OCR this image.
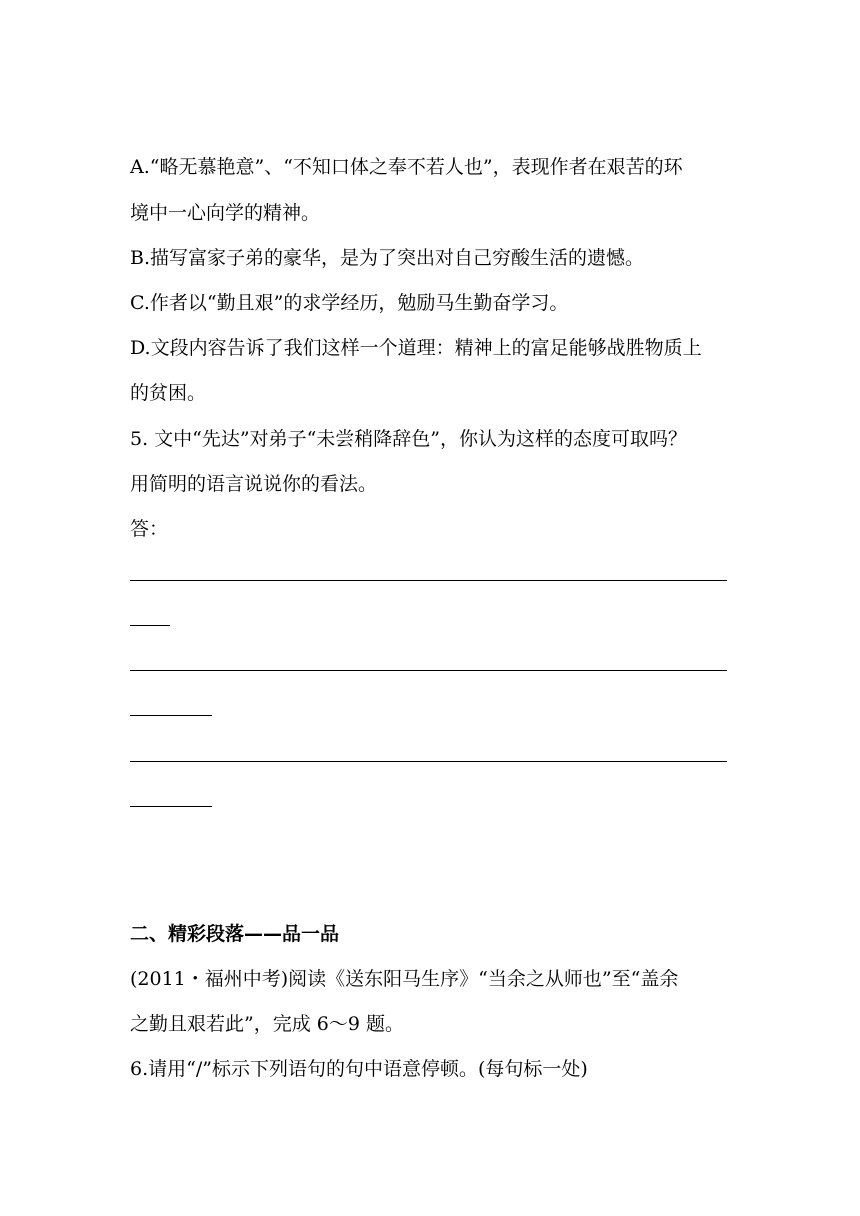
A.“略无慕艳意”、“不知口体之奉不若人也”，表现作者在艰苦的环
境中一心向学的精神。
B.描写富家子弟的豪华，是为了突出对自己穷酸生活的遗憾。
C.作者以“勤且艰”的求学经历，勉励马生勤奋学习。
D.文段内容告诉了我们这样一个道理：精神上的富足能够战胜物质上
的贫困。
5. 文中“先达”对弟子“未尝稍降辞色”，你认为这样的态度可取吗？
用简明的语言说说你的看法。
答：
二、精彩段落——品一品
(2011・福州中考)阅读《送东阳马生序》“当余之从师也”至“盖余
之勤且艰若此”，完成 6～9 题。
6.请用“/”标示下列语句的句中语意停顿。(每句标一处)
